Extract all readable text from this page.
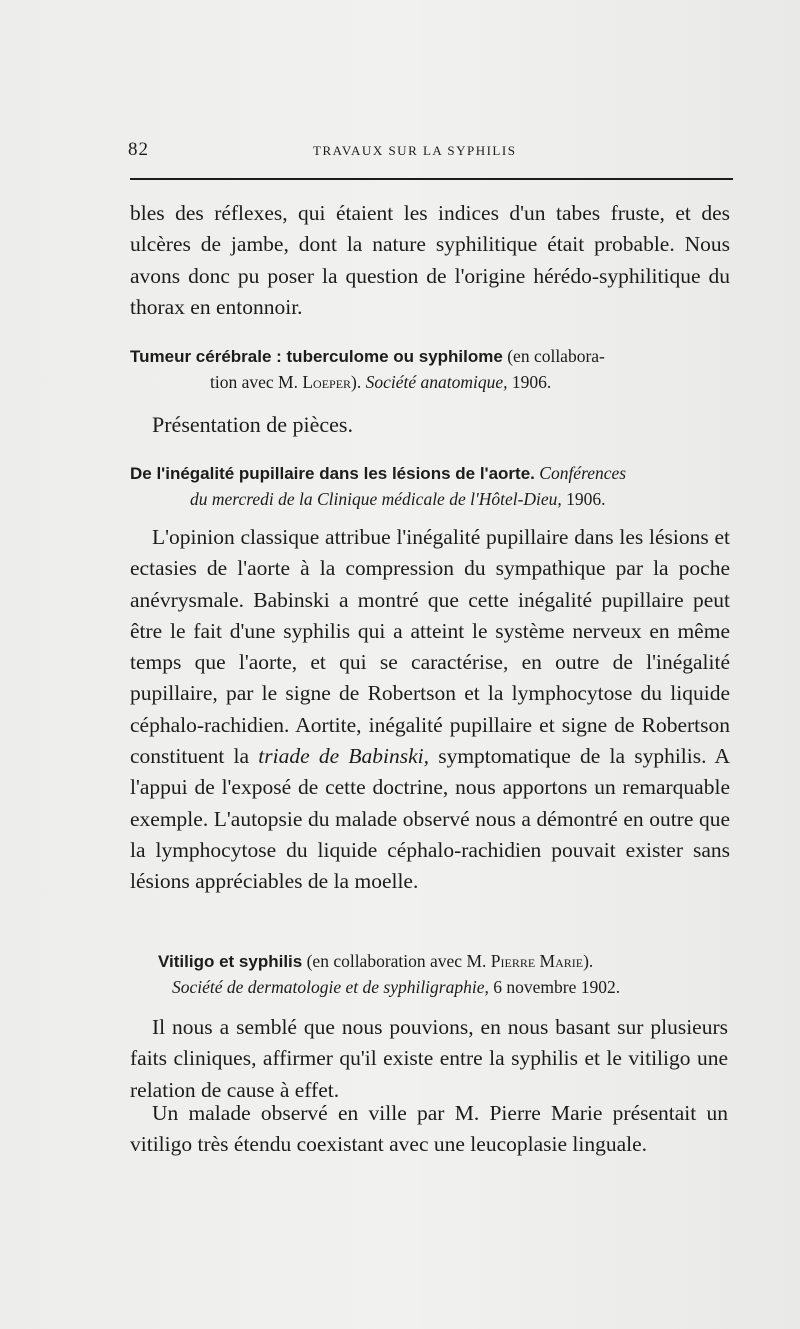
82	TRAVAUX SUR LA SYPHILIS

bles des réflexes, qui étaient les indices d'un tabes fruste, et des ulcères de jambe, dont la nature syphilitique était probable. Nous avons donc pu poser la question de l'origine hérédo-syphilitique du thorax en entonnoir.

Tumeur cérébrale : tuberculome ou syphilome (en collabora-
tion avec M. Loeper). Société anatomique, 1906.

Présentation de pièces.

De l'inégalité pupillaire dans les lésions de l'aorte. Conférences
du mercredi de la Clinique médicale de l'Hôtel-Dieu, 1906.

L'opinion classique attribue l'inégalité pupillaire dans les lésions et ectasies de l'aorte à la compression du sympathique par la poche anévrysmale. Babinski a montré que cette inégalité pupillaire peut être le fait d'une syphilis qui a atteint le système nerveux en même temps que l'aorte, et qui se caractérise, en outre de l'inégalité pupillaire, par le signe de Robertson et la lymphocytose du liquide céphalo-rachidien. Aortite, inégalité pupillaire et signe de Robertson constituent la triade de Babinski, symptomatique de la syphilis. A l'appui de l'exposé de cette doctrine, nous apportons un remarquable exemple. L'autopsie du malade observé nous a démontré en outre que la lymphocytose du liquide céphalo-rachidien pouvait exister sans lésions appréciables de la moelle.

Vitiligo et syphilis (en collaboration avec M. Pierre Marie).
Société de dermatologie et de syphiligraphie, 6 novembre 1902.

Il nous a semblé que nous pouvions, en nous basant sur plusieurs faits cliniques, affirmer qu'il existe entre la syphilis et le vitiligo une relation de cause à effet.

Un malade observé en ville par M. Pierre Marie présentait un vitiligo très étendu coexistant avec une leucoplasie linguale.
